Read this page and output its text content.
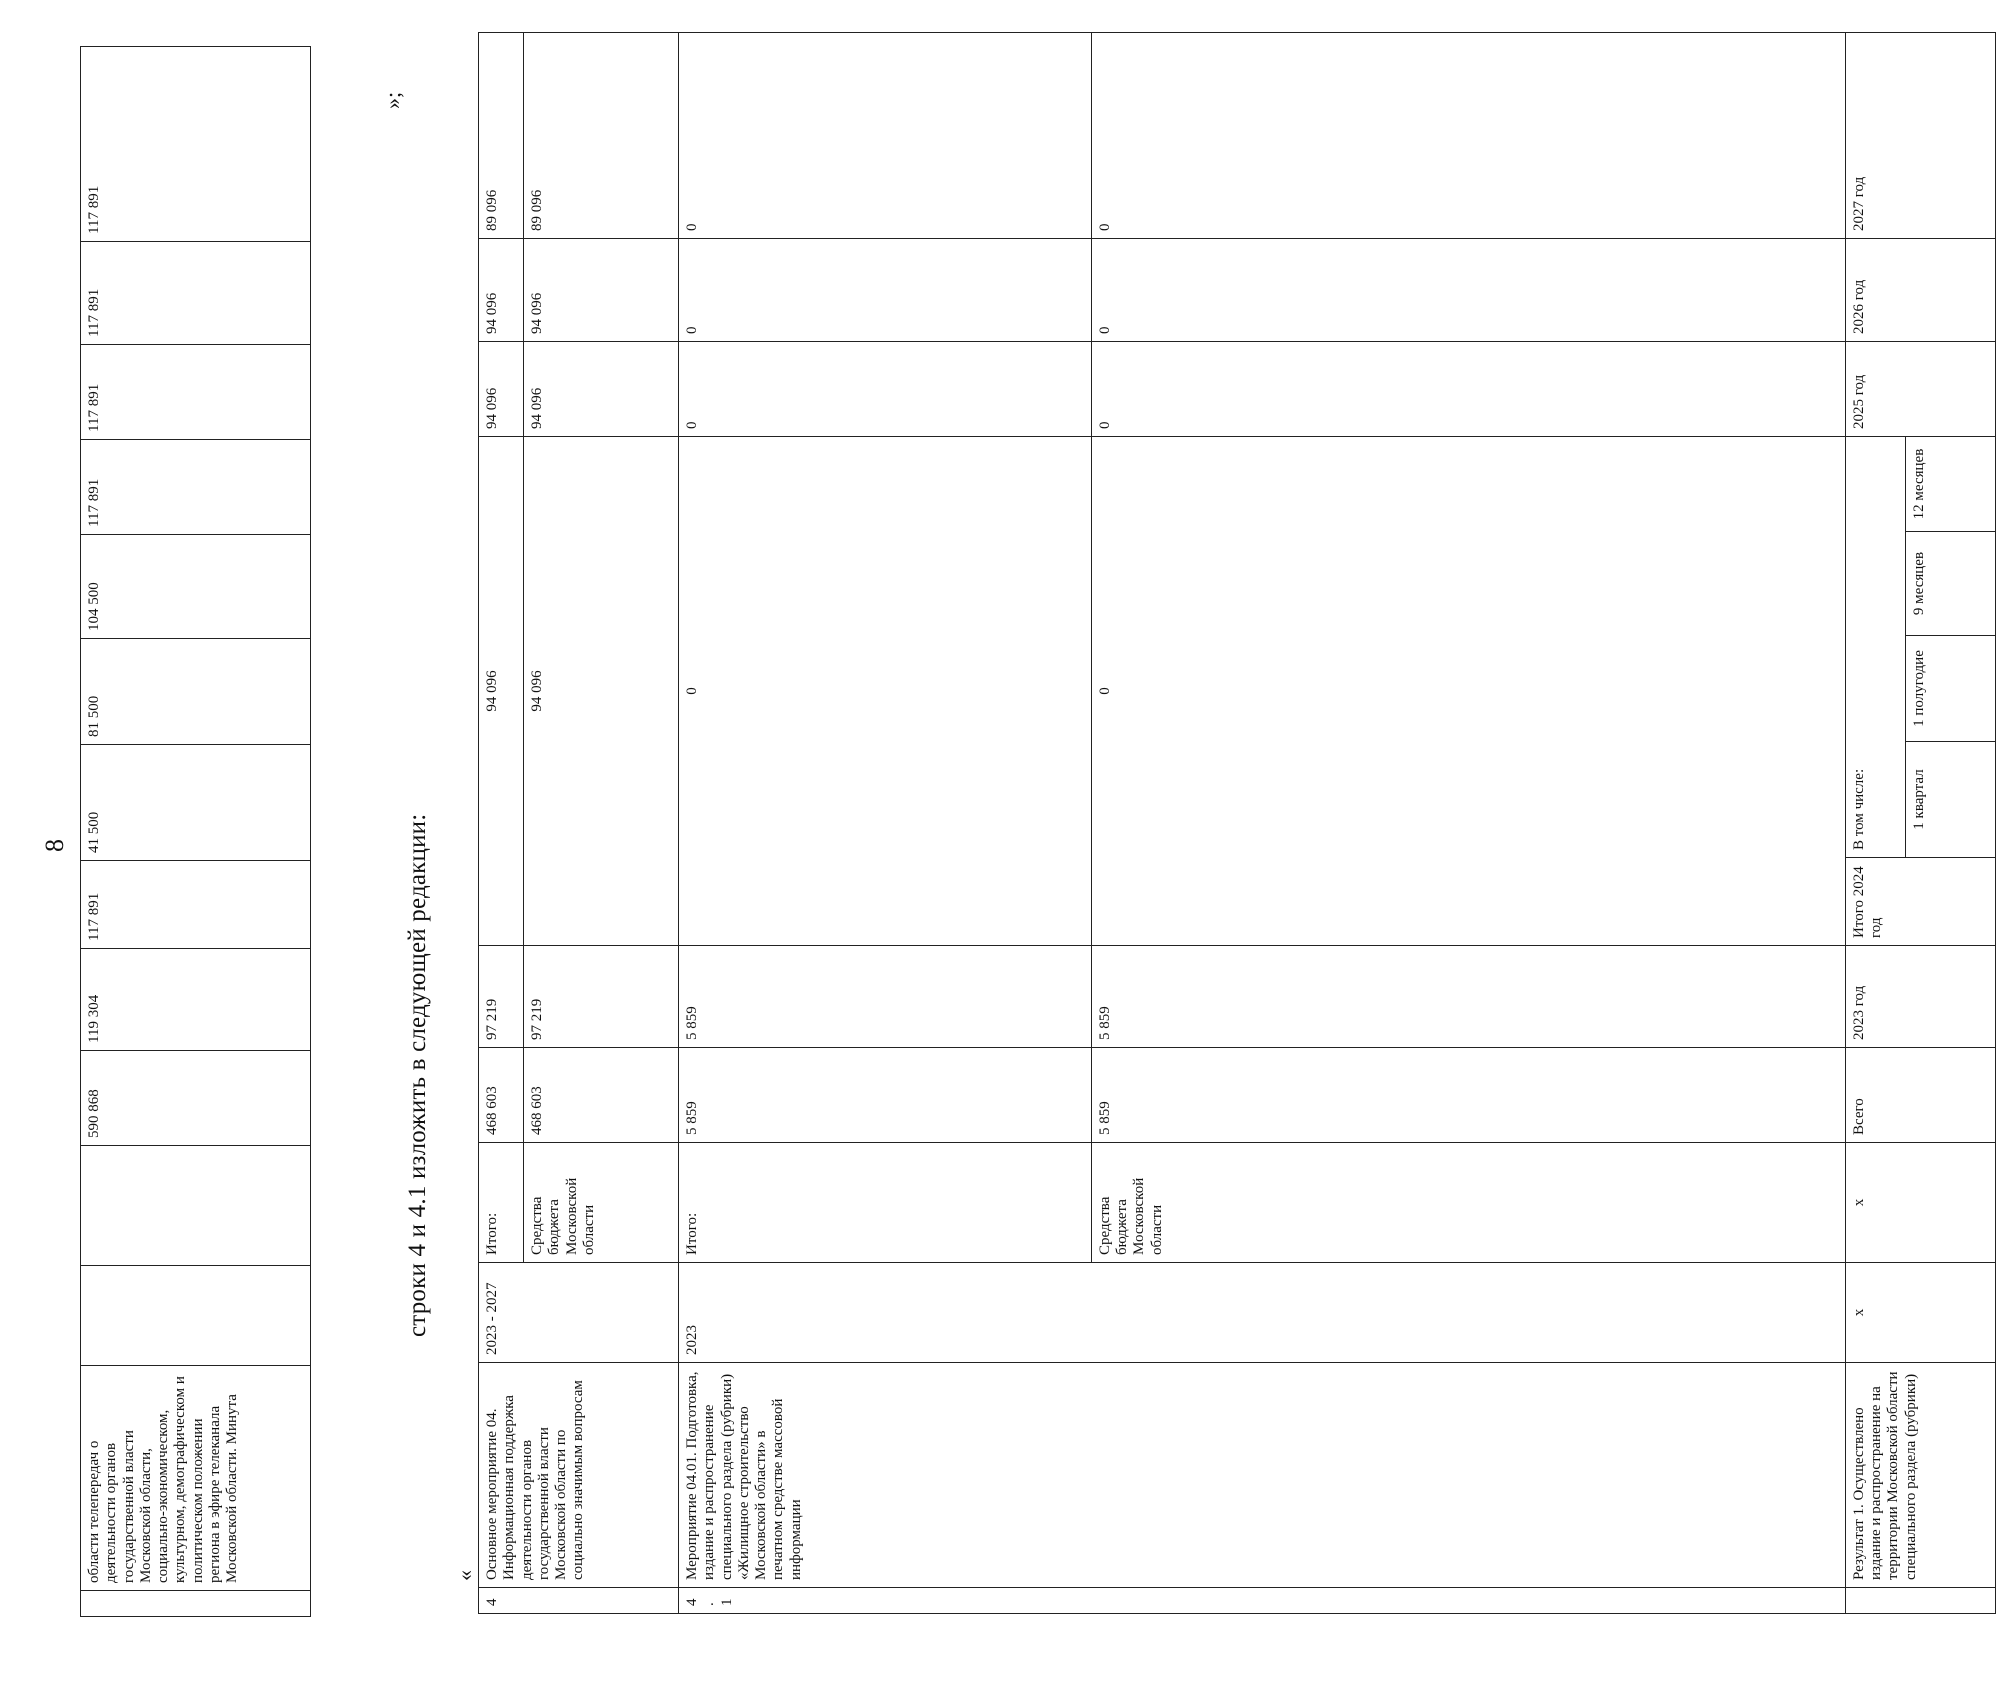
8
	области телепередач о деятельности органов государственной власти Московской области, социально-экономическом, культурном, демографическом и политическом положении региона в эфире телеканала Московской области. Минута			590 868	119 304	117 891	41 500	81 500	104 500	117 891	117 891	117 891	117 891
»;
строки 4 и 4.1 изложить в следующей редакции:
«
4	Основное мероприятие 04. Информационная поддержка деятельности органов государственной власти Московской области по социально значимым вопросам	2023 - 2027	Итого:	468 603	97 219	94 096					94 096	94 096	89 096	
			Средства бюджета Московской области	468 603	97 219	94 096					94 096	94 096	89 096	
4.1	Мероприятие 04.01. Подготовка, издание и распространение специального раздела (рубрики) «Жилищное строительство Московской области» в печатном средстве массовой информации	2023	Итого:	5 859	5 859	0					0	0	0	
			Средства бюджета Московской области	5 859	5 859	0					0	0	0	
	Результат 1. Осуществлено издание и распространение на территории Московской области специального раздела (рубрики)	x	x	Всего	2023 год	Итого 2024 год	В том числе:				2025 год	2026 год	2027 год	
							1 квартал	1 полугодие	9 месяцев	12 месяцев				
